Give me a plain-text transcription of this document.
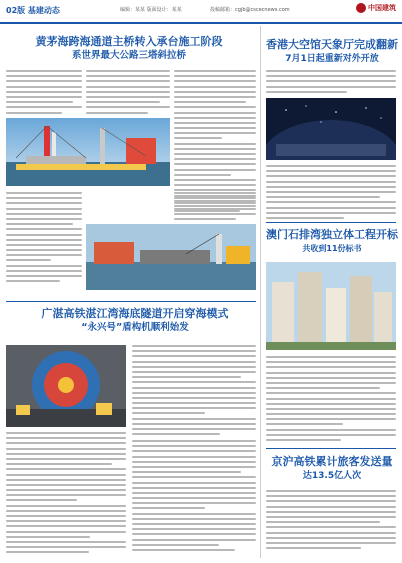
02版 基建动态	编辑：某某 版面设计：某某	投稿邮箱：cgjb@cscecnews.com	中国建筑
黄茅海跨海通道主桥转入承台施工阶段
系世界最大公路三塔斜拉桥
广湛高铁湛江湾海底隧道开启穿海模式
“永兴号”盾构机顺利始发
香港大空馆天象厅完成翻新
7月1日起重新对外开放
澳门石排湾独立体工程开标
共收到11份标书
京沪高铁累计旅客发送量
达13.5亿人次
